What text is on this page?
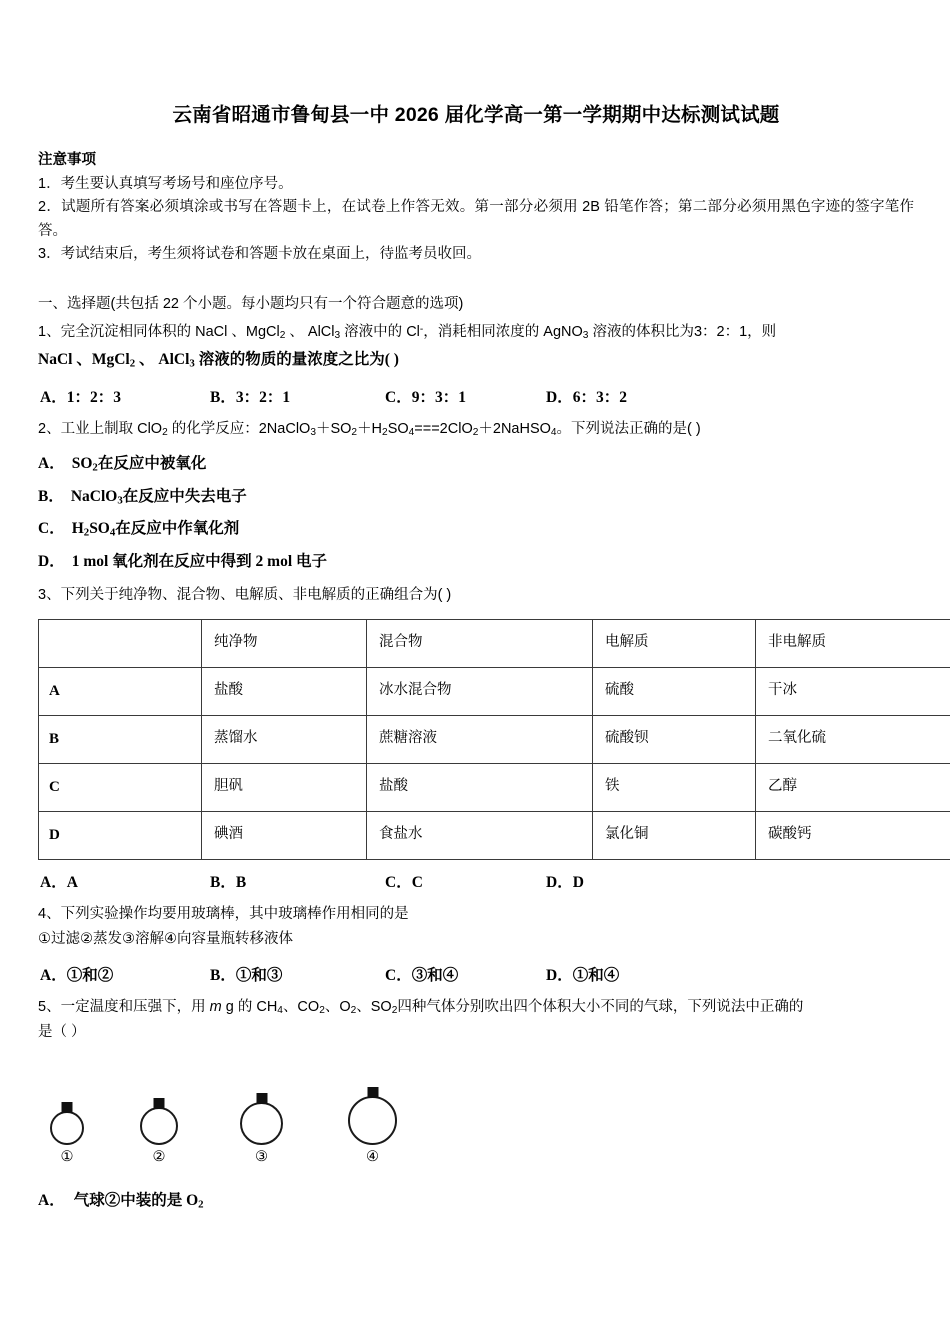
云南省昭通市鲁甸县一中 2026 届化学高一第一学期期中达标测试试题
注意事项
1．考生要认真填写考场号和座位序号。
2．试题所有答案必须填涂或书写在答题卡上，在试卷上作答无效。第一部分必须用 2B 铅笔作答；第二部分必须用黑色字迹的签字笔作答。
3．考试结束后，考生须将试卷和答题卡放在桌面上，待监考员收回。
一、选择题(共包括 22 个小题。每小题均只有一个符合题意的选项)
1、完全沉淀相同体积的 NaCl 、MgCl$_2$ 、 AlCl$_3$ 溶液中的 Cl-，消耗相同浓度的 AgNO$_3$ 溶液的体积比为3：2：1，则
NaCl 、MgCl$_2$ 、 AlCl$_3$ 溶液的物质的量浓度之比为( )
A．1：2：3	B．3：2：1	C．9：3：1	D．6：3：2
2、工业上制取 ClO$_2$ 的化学反应：$2NaClO_3+SO_2+H_2SO_4===2ClO_2+2NaHSO_4$。下列说法正确的是( )
A． $SO_2$在反应中被氧化
B． NaClO$_3$在反应中失去电子
C． $H_2SO_4$在反应中作氧化剂
D． 1 mol 氧化剂在反应中得到 2 mol 电子
3、下列关于纯净物、混合物、电解质、非电解质的正确组合为( )
	纯净物	混合物	电解质	非电解质
A	盐酸	冰水混合物	硫酸	干冰
B	蒸馏水	蔗糖溶液	硫酸钡	二氧化硫
C	胆矾	盐酸	铁	乙醇
D	碘酒	食盐水	氯化铜	碳酸钙
A．A	B．B	C．C	D．D
4、下列实验操作均要用玻璃棒，其中玻璃棒作用相同的是
①过滤②蒸发③溶解④向容量瓶转移液体
A．①和②	B．①和③	C．③和④	D．①和④
5、一定温度和压强下，用 m g 的 $CH_4$、$CO_2$、$O_2$、$SO_2$四种气体分别吹出四个体积大小不同的气球，下列说法中正确的
是（ ）
①	②	③	④
A． 气球②中装的是 $O_2$
